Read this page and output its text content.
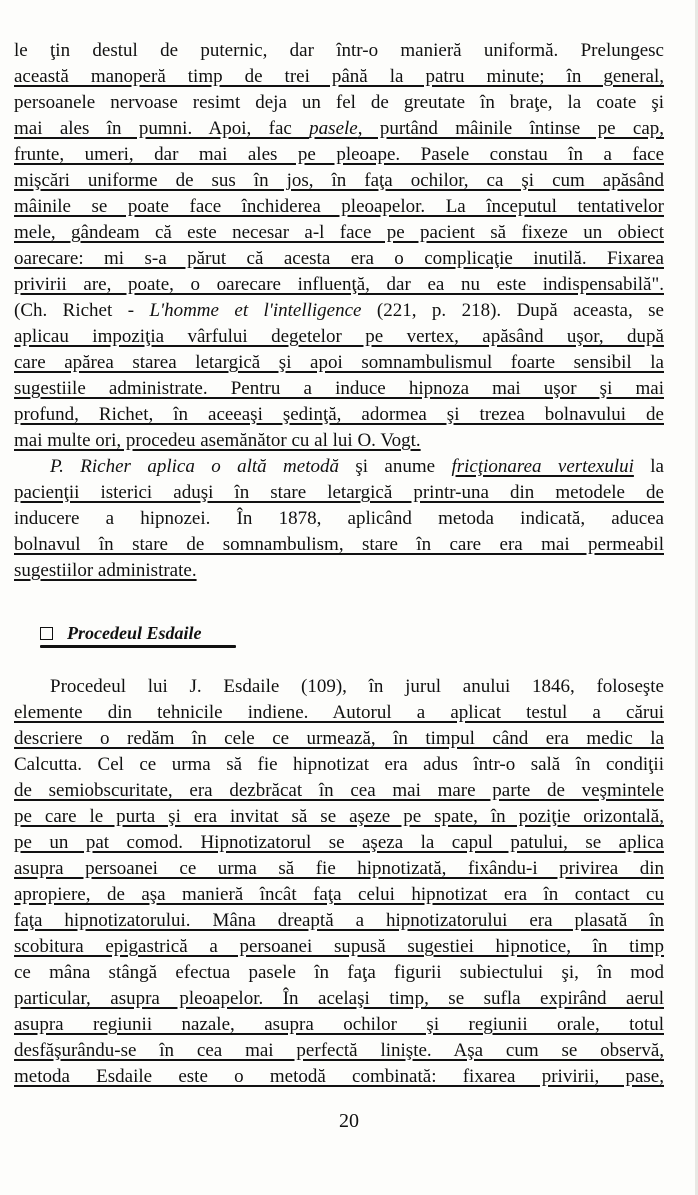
le ţin destul de puternic, dar într-o manieră uniformă. Prelungesc
această manoperă timp de trei până la patru minute; în general,
persoanele nervoase resimt deja un fel de greutate în braţe, la coate şi
mai ales în pumni. Apoi, fac pasele, purtând mâinile întinse pe cap,
frunte, umeri, dar mai ales pe pleoape. Pasele constau în a face
mişcări uniforme de sus în jos, în faţa ochilor, ca şi cum apăsând
mâinile se poate face închiderea pleoapelor. La începutul tentativelor
mele, gândeam că este necesar a-l face pe pacient să fixeze un obiect
oarecare: mi s-a părut că acesta era o complicaţie inutilă. Fixarea
privirii are, poate, o oarecare influenţă, dar ea nu este indispensabilă".
(Ch. Richet - L'homme et l'intelligence (221, p. 218). După aceasta, se
aplicau impoziţia vârfului degetelor pe vertex, apăsând uşor, după
care apărea starea letargică şi apoi somnambulismul foarte sensibil la
sugestiile administrate. Pentru a induce hipnoza mai uşor şi mai
profund, Richet, în aceeaşi şedinţă, adormea şi trezea bolnavului de
mai multe ori, procedeu asemănător cu al lui O. Vogt.
P. Richer aplica o altă metodă şi anume fricţionarea vertexului la
pacienţii isterici aduşi în stare letargică printr-una din metodele de
inducere a hipnozei. În 1878, aplicând metoda indicată, aducea
bolnavul în stare de somnambulism, stare în care era mai permeabil
sugestiilor administrate.
Procedeul Esdaile
Procedeul lui J. Esdaile (109), în jurul anului 1846, foloseşte
elemente din tehnicile indiene. Autorul a aplicat testul a cărui
descriere o redăm în cele ce urmează, în timpul când era medic la
Calcutta. Cel ce urma să fie hipnotizat era adus într-o sală în condiţii
de semiobscuritate, era dezbrăcat în cea mai mare parte de veşmintele
pe care le purta şi era invitat să se aşeze pe spate, în poziţie orizontală,
pe un pat comod. Hipnotizatorul se aşeza la capul patului, se aplica
asupra persoanei ce urma să fie hipnotizată, fixându-i privirea din
apropiere, de aşa manieră încât faţa celui hipnotizat era în contact cu
faţa hipnotizatorului. Mâna dreaptă a hipnotizatorului era plasată în
scobitura epigastrică a persoanei supusă sugestiei hipnotice, în timp
ce mâna stângă efectua pasele în faţa figurii subiectului şi, în mod
particular, asupra pleoapelor. În acelaşi timp, se sufla expirând aerul
asupra regiunii nazale, asupra ochilor şi regiunii orale, totul
desfăşurându-se în cea mai perfectă linişte. Aşa cum se observă,
metoda Esdaile este o metodă combinată: fixarea privirii, pase,
20
